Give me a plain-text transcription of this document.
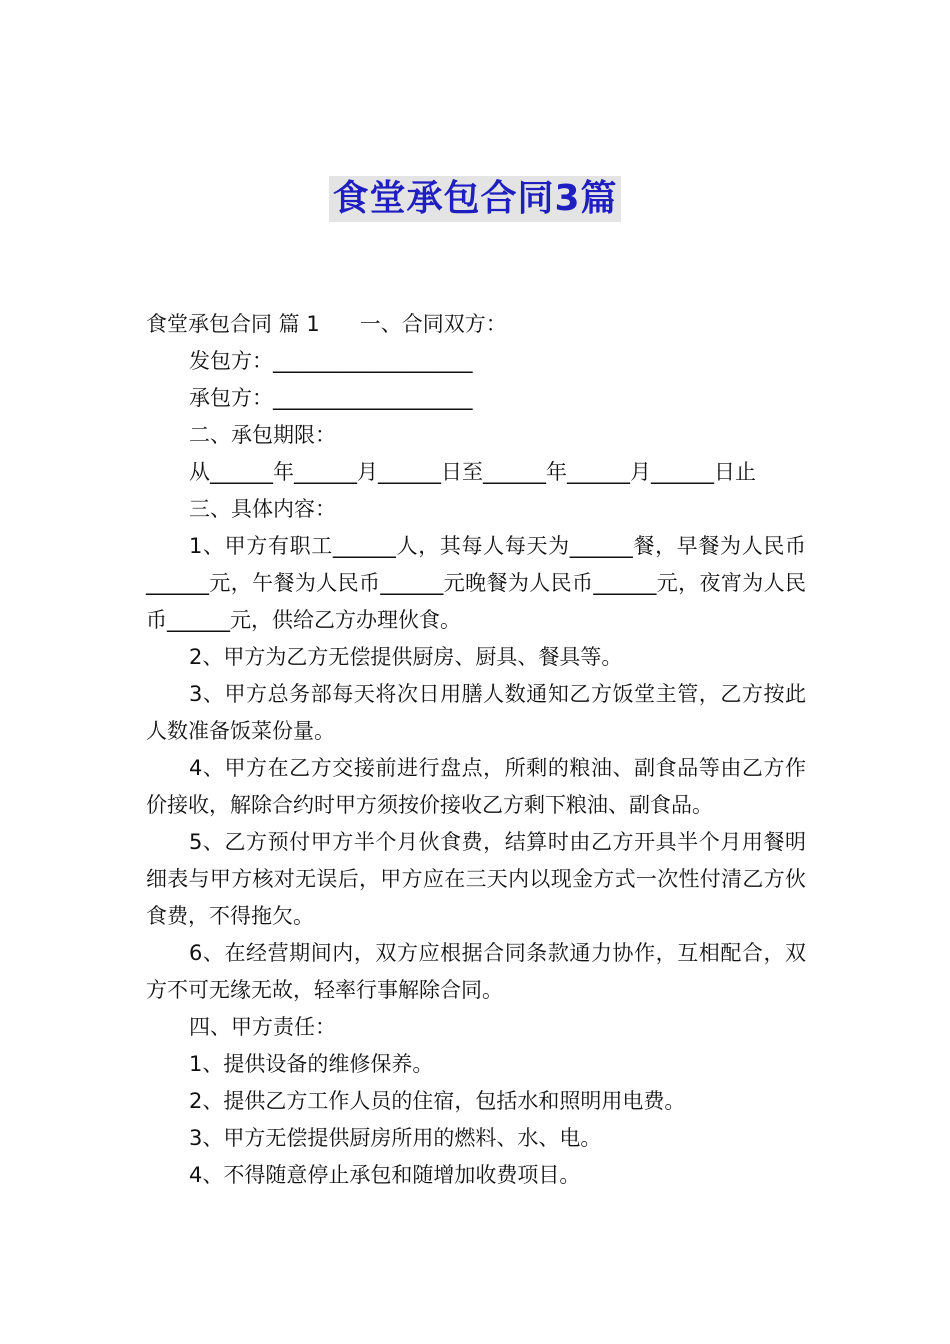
食堂承包合同3篇
食堂承包合同 篇 1 一、合同双方：
发包方：___________________
承包方：___________________
二、承包期限：
从______年______月______日至______年______月______日止
三、具体内容：

1、甲方有职工______人，其每人每天为______餐，早餐为人民币______元，午餐为人民币______元晚餐为人民币______元，夜宵为人民币______元，供给乙方办理伙食。

2、甲方为乙方无偿提供厨房、厨具、餐具等。

3、甲方总务部每天将次日用膳人数通知乙方饭堂主管，乙方按此人数准备饭菜份量。

4、甲方在乙方交接前进行盘点，所剩的粮油、副食品等由乙方作价接收，解除合约时甲方须按价接收乙方剩下粮油、副食品。

5、乙方预付甲方半个月伙食费，结算时由乙方开具半个月用餐明细表与甲方核对无误后，甲方应在三天内以现金方式一次性付清乙方伙食费，不得拖欠。

6、在经营期间内，双方应根据合同条款通力协作，互相配合，双方不可无缘无故，轻率行事解除合同。

四、甲方责任：
1、提供设备的维修保养。
2、提供乙方工作人员的住宿，包括水和照明用电费。
3、甲方无偿提供厨房所用的燃料、水、电。
4、不得随意停止承包和随增加收费项目。
